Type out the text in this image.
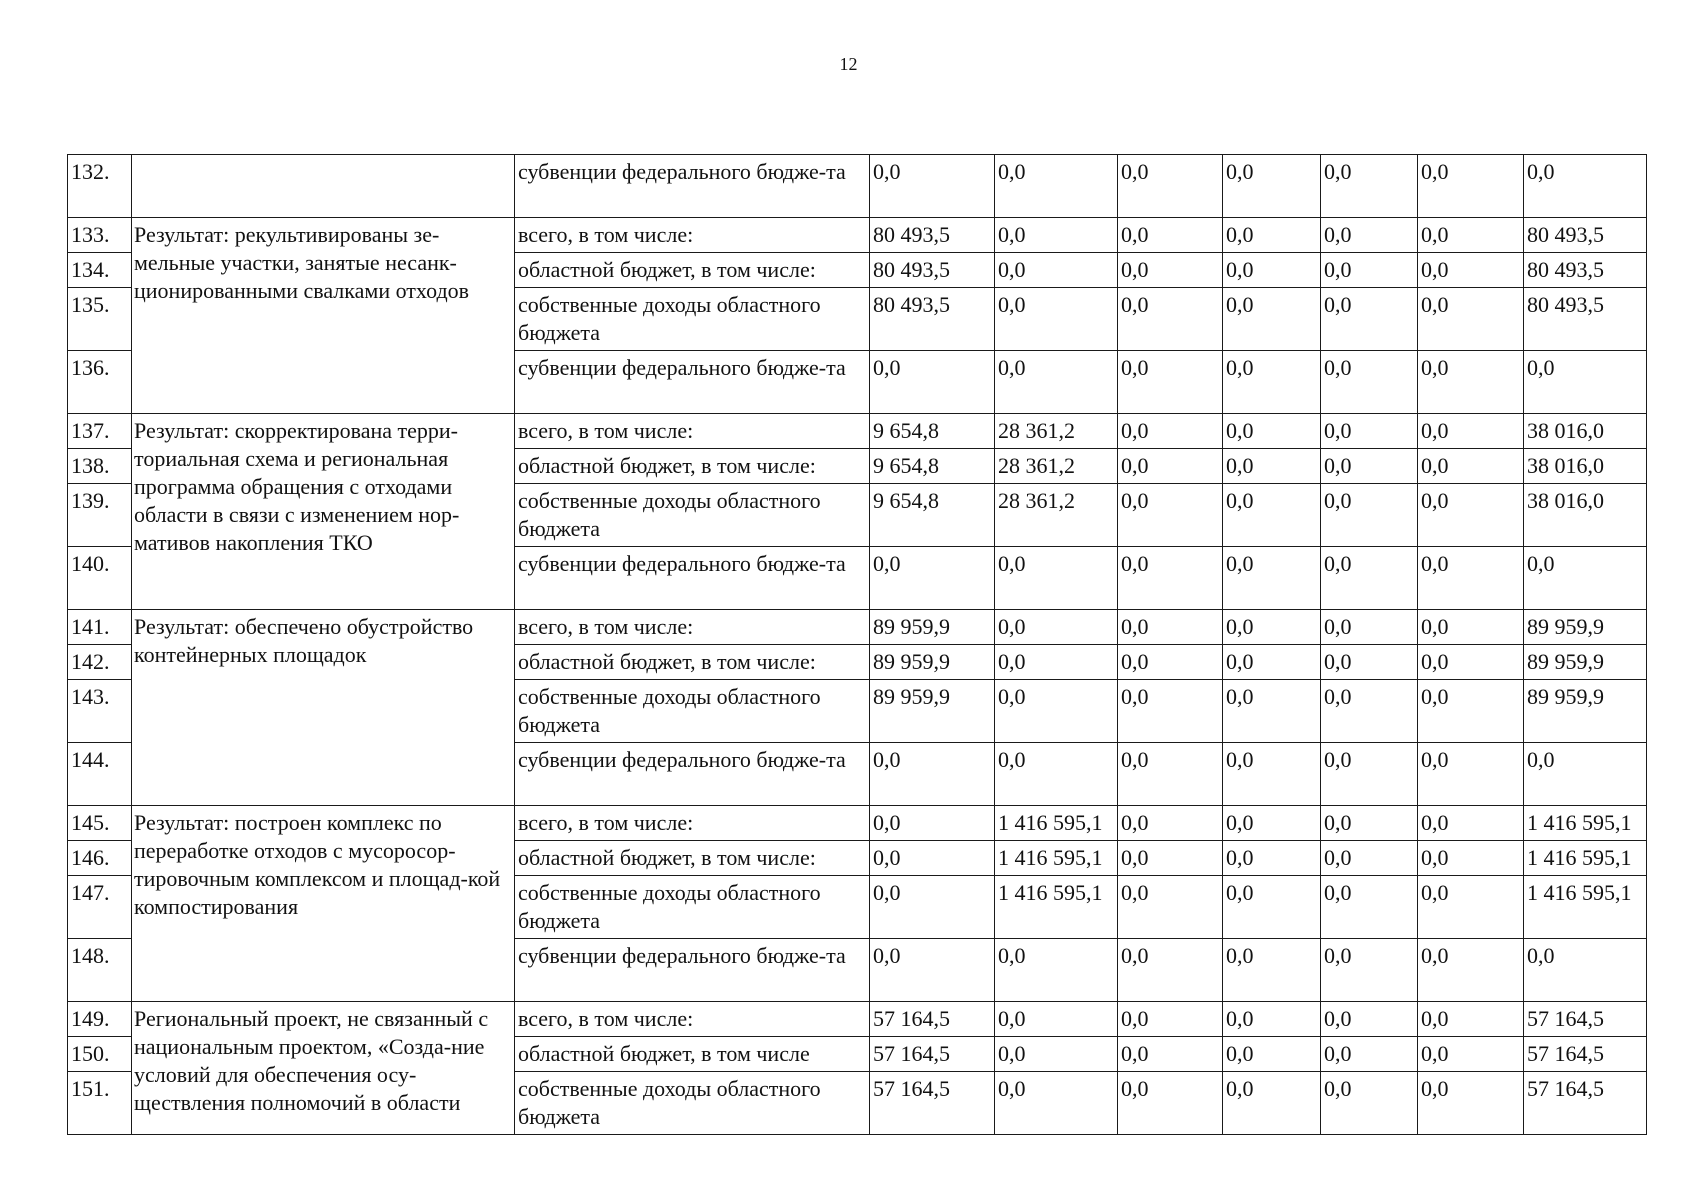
12
132.		субвенции федерального бюдже-та	0,0	0,0	0,0	0,0	0,0	0,0	0,0
133.	Результат: рекультивированы зе-мельные участки, занятые несанк-ционированными свалками отходов	всего, в том числе:	80 493,5	0,0	0,0	0,0	0,0	0,0	80 493,5
134.		областной бюджет, в том числе:	80 493,5	0,0	0,0	0,0	0,0	0,0	80 493,5
135.		собственные доходы областного бюджета	80 493,5	0,0	0,0	0,0	0,0	0,0	80 493,5
136.		субвенции федерального бюдже-та	0,0	0,0	0,0	0,0	0,0	0,0	0,0
137.	Результат: скорректирована терри-ториальная схема и региональная программа обращения с отходами области в связи с изменением нор-мативов накопления ТКО	всего, в том числе:	9 654,8	28 361,2	0,0	0,0	0,0	0,0	38 016,0
138.		областной бюджет, в том числе:	9 654,8	28 361,2	0,0	0,0	0,0	0,0	38 016,0
139.		собственные доходы областного бюджета	9 654,8	28 361,2	0,0	0,0	0,0	0,0	38 016,0
140.		субвенции федерального бюдже-та	0,0	0,0	0,0	0,0	0,0	0,0	0,0
141.	Результат: обеспечено обустройство контейнерных площадок	всего, в том числе:	89 959,9	0,0	0,0	0,0	0,0	0,0	89 959,9
142.		областной бюджет, в том числе:	89 959,9	0,0	0,0	0,0	0,0	0,0	89 959,9
143.		собственные доходы областного бюджета	89 959,9	0,0	0,0	0,0	0,0	0,0	89 959,9
144.		субвенции федерального бюдже-та	0,0	0,0	0,0	0,0	0,0	0,0	0,0
145.	Результат: построен комплекс по переработке отходов с мусоросор-тировочным комплексом и площад-кой компостирования	всего, в том числе:	0,0	1 416 595,1	0,0	0,0	0,0	0,0	1 416 595,1
146.		областной бюджет, в том числе:	0,0	1 416 595,1	0,0	0,0	0,0	0,0	1 416 595,1
147.		собственные доходы областного бюджета	0,0	1 416 595,1	0,0	0,0	0,0	0,0	1 416 595,1
148.		субвенции федерального бюдже-та	0,0	0,0	0,0	0,0	0,0	0,0	0,0
149.	Региональный проект, не связанный с национальным проектом, «Созда-ние условий для обеспечения осу-ществления полномочий в области	всего, в том числе:	57 164,5	0,0	0,0	0,0	0,0	0,0	57 164,5
150.		областной бюджет, в том числе	57 164,5	0,0	0,0	0,0	0,0	0,0	57 164,5
151.		собственные доходы областного бюджета	57 164,5	0,0	0,0	0,0	0,0	0,0	57 164,5
